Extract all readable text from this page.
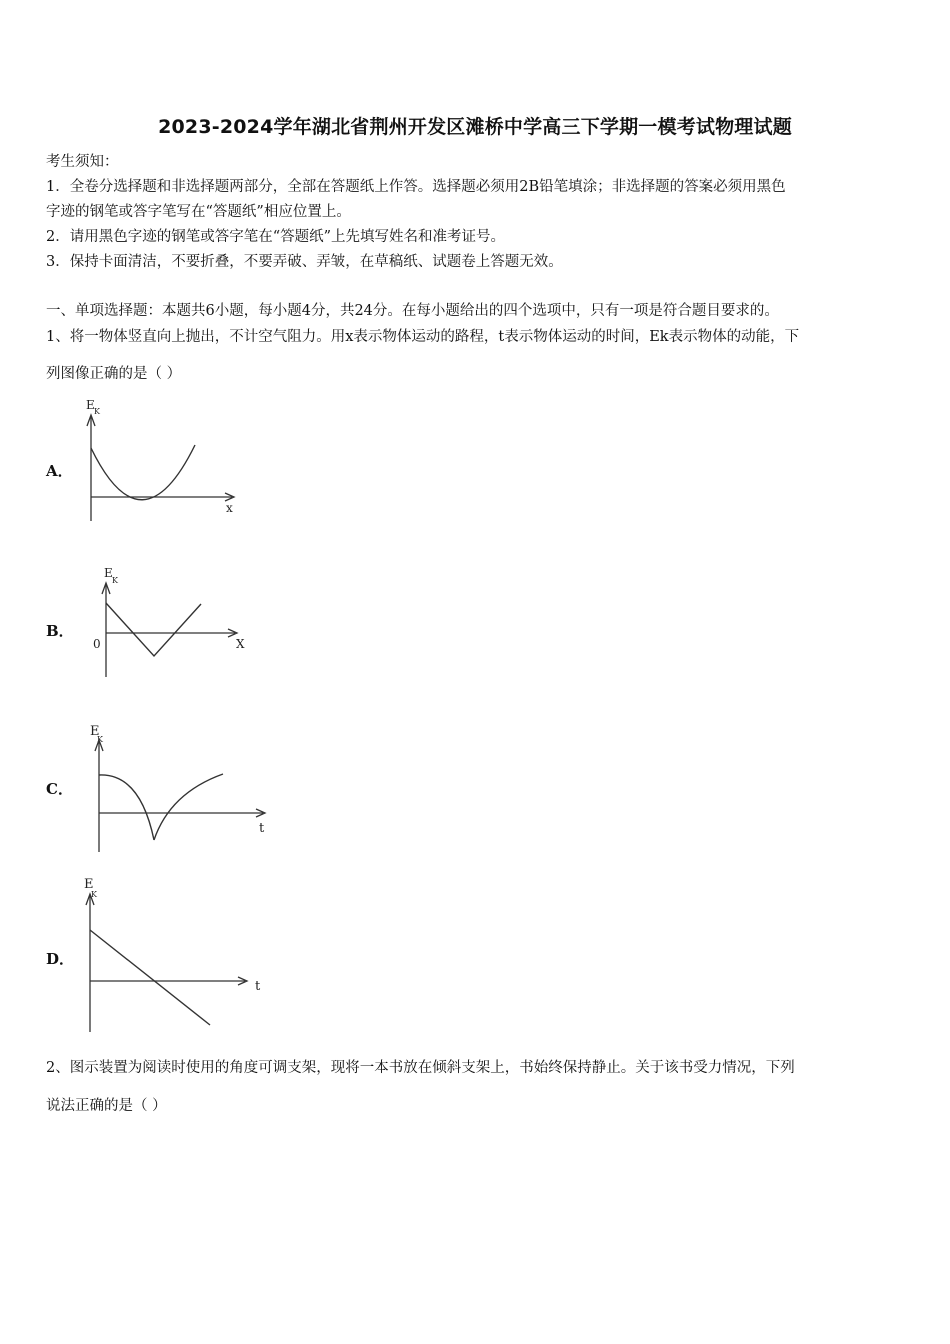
2023-2024学年湖北省荆州开发区滩桥中学高三下学期一模考试物理试题
考生须知：
1．全卷分选择题和非选择题两部分，全部在答题纸上作答。选择题必须用2B铅笔填涂；非选择题的答案必须用黑色
字迹的钢笔或答字笔写在“答题纸”相应位置上。
2．请用黑色字迹的钢笔或答字笔在“答题纸”上先填写姓名和准考证号。
3．保持卡面清洁，不要折叠，不要弄破、弄皱，在草稿纸、试题卷上答题无效。
一、单项选择题：本题共6小题，每小题4分，共24分。在每小题给出的四个选项中，只有一项是符合题目要求的。
1、将一物体竖直向上抛出，不计空气阻力。用x表示物体运动的路程，t表示物体运动的时间，Ek表示物体的动能，下
列图像正确的是（ ）
A．
E K
x
B．
E
K
0	X
C．
E
K
t
D．
E
K
t
2、图示装置为阅读时使用的角度可调支架，现将一本书放在倾斜支架上，书始终保持静止。关于该书受力情况，下列
说法正确的是（ ）
